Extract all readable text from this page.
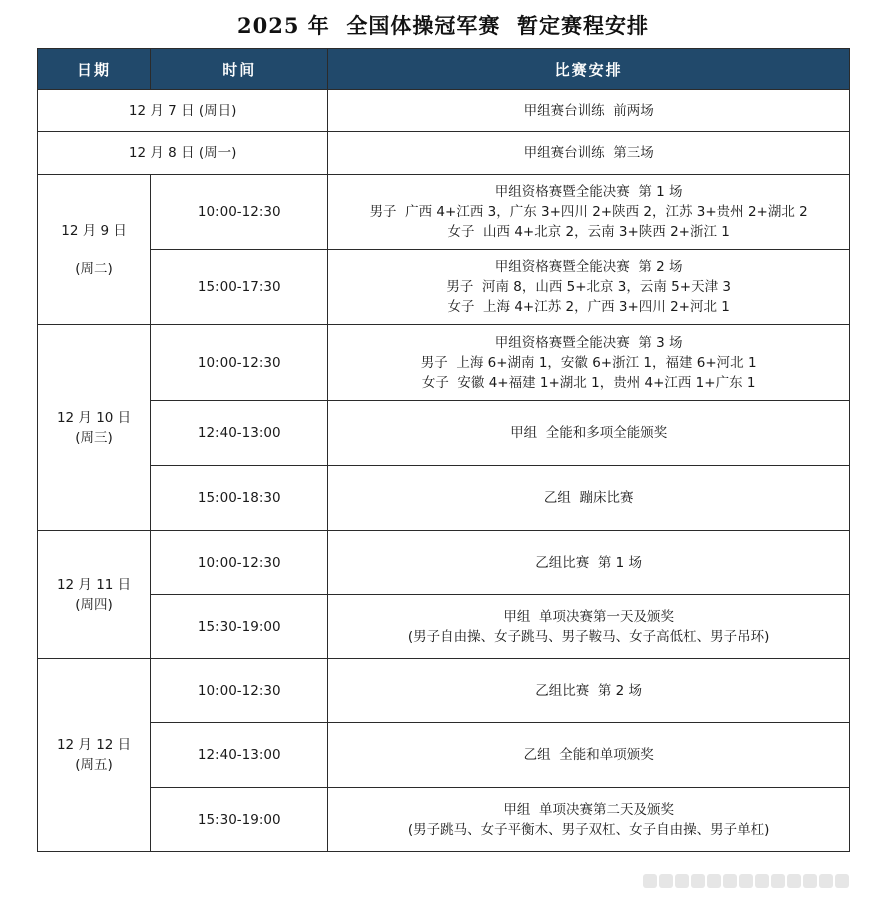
2025 年  全国体操冠军赛  暂定赛程安排
日期	时间	比赛安排

12 月 7 日 (周日)		甲组赛台训练  前两场

12 月 8 日 (周一)		甲组赛台训练  第三场

12 月 9 日
(周二)	10:00-12:30	甲组资格赛暨全能决赛  第 1 场
男子  广西 4+江西 3，广东 3+四川 2+陕西 2，江苏 3+贵州 2+湖北 2
女子  山西 4+北京 2，云南 3+陕西 2+浙江 1

	15:00-17:30	甲组资格赛暨全能决赛  第 2 场
男子  河南 8，山西 5+北京 3，云南 5+天津 3
女子  上海 4+江苏 2，广西 3+四川 2+河北 1

12 月 10 日
(周三)	10:00-12:30	甲组资格赛暨全能决赛  第 3 场
男子  上海 6+湖南 1，安徽 6+浙江 1，福建 6+河北 1
女子  安徽 4+福建 1+湖北 1，贵州 4+江西 1+广东 1

	12:40-13:00	甲组  全能和多项全能颁奖

	15:00-18:30	乙组  蹦床比赛

12 月 11 日
(周四)	10:00-12:30	乙组比赛  第 1 场

	15:30-19:00	甲组  单项决赛第一天及颁奖
(男子自由操、女子跳马、男子鞍马、女子高低杠、男子吊环)

12 月 12 日
(周五)	10:00-12:30	乙组比赛  第 2 场

	12:40-13:00	乙组  全能和单项颁奖

	15:30-19:00	甲组  单项决赛第二天及颁奖
(男子跳马、女子平衡木、男子双杠、女子自由操、男子单杠)
